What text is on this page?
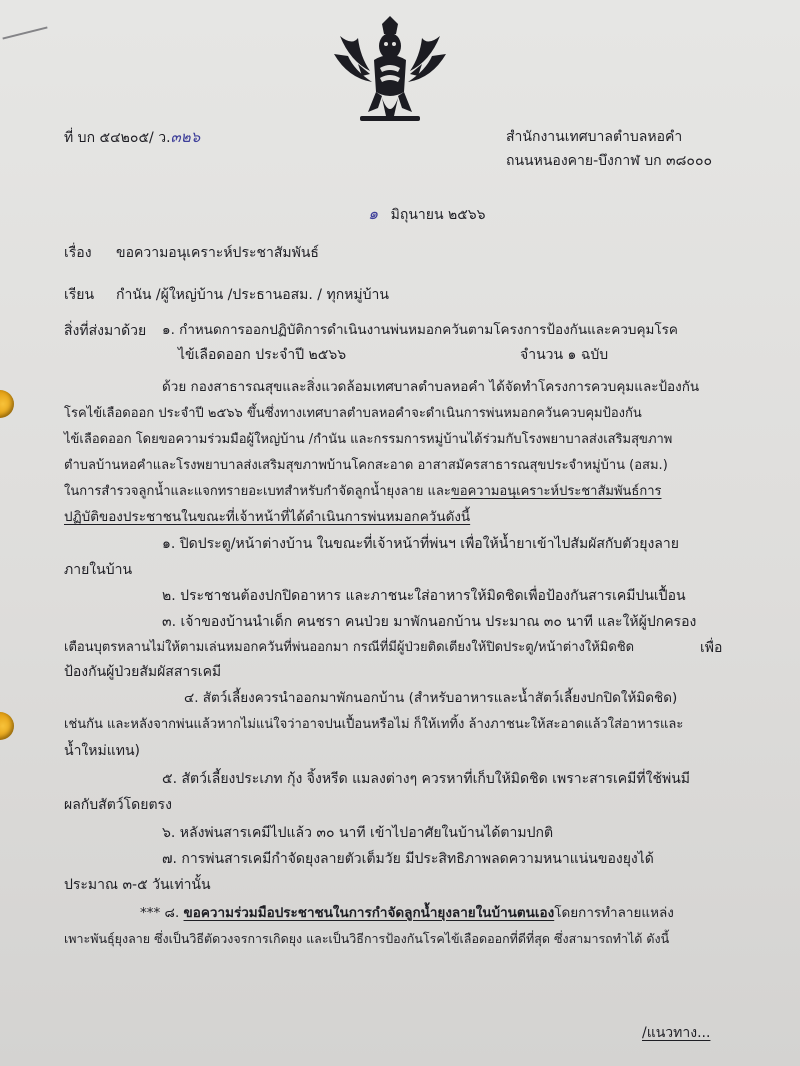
ที่ บก ๕๔๒๐๕/ ว.๓๒๖	สำนักงานเทศบาลตำบลหอคำ
ถนนหนองคาย-บึงกาฬ บก ๓๘๐๐๐
๑ มิถุนายน ๒๕๖๖
เรื่อง ขอความอนุเคราะห์ประชาสัมพันธ์
เรียน กำนัน /ผู้ใหญ่บ้าน /ประธานอสม. / ทุกหมู่บ้าน
สิ่งที่ส่งมาด้วย ๑. กำหนดการออกปฏิบัติการดำเนินงานพ่นหมอกควันตามโครงการป้องกันและควบคุมโรค
ไข้เลือดออก ประจำปี ๒๕๖๖	จำนวน ๑ ฉบับ
ด้วย กองสาธารณสุขและสิ่งแวดล้อมเทศบาลตำบลหอคำ ได้จัดทำโครงการควบคุมและป้องกัน
โรคไข้เลือดออก ประจำปี ๒๕๖๖ ขึ้นซึ่งทางเทศบาลตำบลหอคำจะดำเนินการพ่นหมอกควันควบคุมป้องกัน
ไข้เลือดออก โดยขอความร่วมมือผู้ใหญ่บ้าน /กำนัน และกรรมการหมู่บ้านได้ร่วมกับโรงพยาบาลส่งเสริมสุขภาพ
ตำบลบ้านหอคำและโรงพยาบาลส่งเสริมสุขภาพบ้านโคกสะอาด อาสาสมัครสาธารณสุขประจำหมู่บ้าน (อสม.)
ในการสำรวจลูกน้ำและแจกทรายอะเบทสำหรับกำจัดลูกน้ำยุงลาย และขอความอนุเคราะห์ประชาสัมพันธ์การ
ปฏิบัติของประชาชนในขณะที่เจ้าหน้าที่ได้ดำเนินการพ่นหมอกควันดังนี้
๑. ปิดประตู/หน้าต่างบ้าน ในขณะที่เจ้าหน้าที่พ่นฯ เพื่อให้น้ำยาเข้าไปสัมผัสกับตัวยุงลาย
ภายในบ้าน
๒. ประชาชนต้องปกปิดอาหาร และภาชนะใส่อาหารให้มิดชิดเพื่อป้องกันสารเคมีปนเปื้อน
๓. เจ้าของบ้านนำเด็ก คนชรา คนป่วย มาพักนอกบ้าน ประมาณ ๓๐ นาที และให้ผู้ปกครอง
เตือนบุตรหลานไม่ให้ตามเล่นหมอกควันที่พ่นออกมา กรณีที่มีผู้ป่วยติดเตียงให้ปิดประตู/หน้าต่างให้มิดชิด	เพื่อ
ป้องกันผู้ป่วยสัมผัสสารเคมี
๔. สัตว์เลี้ยงควรนำออกมาพักนอกบ้าน (สำหรับอาหารและน้ำสัตว์เลี้ยงปกปิดให้มิดชิด)
เช่นกัน และหลังจากพ่นแล้วหากไม่แน่ใจว่าอาจปนเปื้อนหรือไม่ ก็ให้เททิ้ง ล้างภาชนะให้สะอาดแล้วใส่อาหารและ
น้ำใหม่แทน)
๕. สัตว์เลี้ยงประเภท กุ้ง จิ้งหรีด แมลงต่างๆ ควรหาที่เก็บให้มิดชิด เพราะสารเคมีที่ใช้พ่นมี
ผลกับสัตว์โดยตรง
๖. หลังพ่นสารเคมีไปแล้ว ๓๐ นาที เข้าไปอาศัยในบ้านได้ตามปกติ
๗. การพ่นสารเคมีกำจัดยุงลายตัวเต็มวัย มีประสิทธิภาพลดความหนาแน่นของยุงได้
ประมาณ ๓-๕ วันเท่านั้น
*** ๘. ขอความร่วมมือประชาชนในการกำจัดลูกน้ำยุงลายในบ้านตนเองโดยการทำลายแหล่ง
เพาะพันธุ์ยุงลาย ซึ่งเป็นวิธีตัดวงจรการเกิดยุง และเป็นวิธีการป้องกันโรคไข้เลือดออกที่ดีที่สุด ซึ่งสามารถทำได้ ดังนี้
/แนวทาง...
